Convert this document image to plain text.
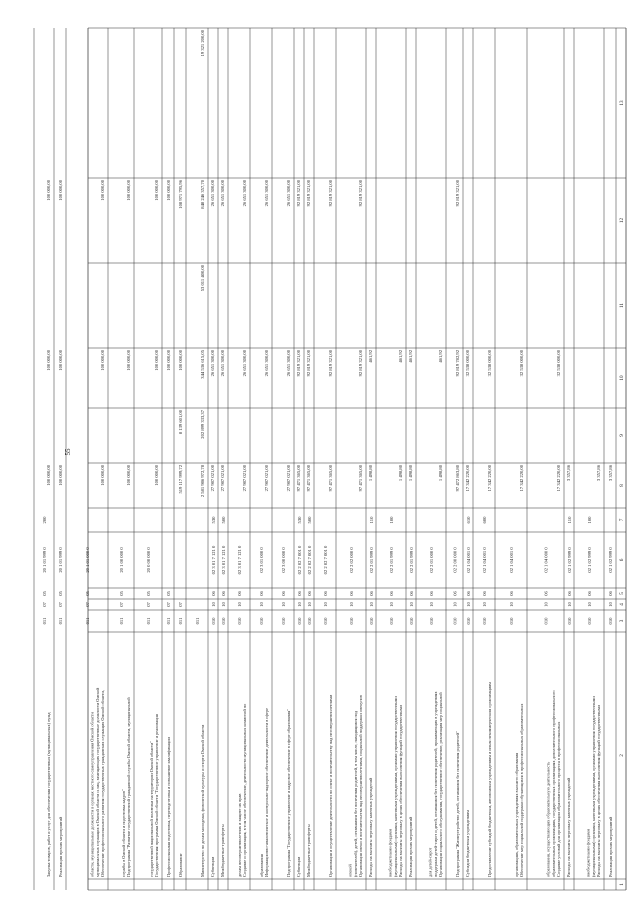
55
1
2
3
4
5
6
7
8
9
10
11
12
13
Реализация прочих мероприятий
010
10
06
02 1 02 999 0
3 357,86
Расходы на выплаты персоналу в целях обеспечения выполнения функций государственными
(муниципальными) органами, казенными учреждениями, органами управления государственными
внебюджетными фондами
010
10
06
02 1 02 999 0
100
3 357,86
Расходы на выплаты персоналу казенных учреждений
010
10
06
02 1 02 999 0
110
3 357,86
Создание условий для организации образовательного процесса в профессиональных
образовательных организациях, государственных организациях дополнительного профессионального
образования, осуществляющих образовательную деятельность
010
10
06
02 1 04 000 0
17 342 220,00
32 538 000,00
Обеспечение мер социальной поддержки обучающихся в профессиональных образовательных
организациях, образовательных учреждениях высшего образования
010
10
06
02 1 04 001 0
17 342 220,00
32 538 000,00
Предоставление субсидий бюджетным, автономным учреждениям и иным некоммерческим организациям
010
10
06
02 1 04 001 0
600
17 342 220,00
32 538 000,00
Субсидии бюджетным учреждениям
010
10
06
02 1 04 001 0
610
17 342 220,00
32 538 000,00
Подпрограмма "Жизнеустройство детей, оставшихся без попечения родителей"
010
10
06
02 2 00 000 0
97 472 863,80
92 819 782,92
92 819 321,00
Организация социального обслуживания, государственное обеспечение, реализация мер социальной
поддержки детей-сирот и детей, оставшихся без попечения родителей, проживающих в учреждениях
для детей-сирот
010
10
06
02 2 01 000 0
1 498,80
461,92
Реализация прочих мероприятий
010
10
06
02 2 01 999 0
1 498,80
461,92
Расходы на выплаты персоналу в целях обеспечения выполнения функций государственными
(муниципальными) органами, казенными учреждениями, органами управления государственными
внебюджетными фондами
010
10
06
02 2 01 999 0
100
1 498,80
461,92
Расходы на выплаты персоналу казенных учреждений
010
10
06
02 2 01 999 0
110
1 498,80
461,92
Организация опеки и попечительства над несовершеннолетними, социальной поддержки опекунов
(попечителей), детей, оставшихся без попечения родителей, в том числе, находящихся под
опекой
010
10
06
02 2 02 000 0
97 471 365,00
92 819 321,00
92 819 321,00
Организация и осуществление деятельности по опеке и попечительству над несовершеннолетними
010
10
06
02 2 02 7 001 0
97 471 365,00
92 819 321,00
92 819 321,00
Межбюджетные трансферты
010
10
06
02 2 02 7 001 0
500
97 471 365,00
92 819 321,00
92 819 321,00
Субвенции
010
10
06
02 2 02 7 001 0
530
97 471 365,00
92 819 321,00
92 819 321,00
Подпрограмма "Государственное управление и кадровое обеспечение в сфере образования"
010
10
06
02 3 00 000 0
27 987 021,00
26 651 300,00
26 651 300,00
Информационно-аналитическое и контрольно-надзорное обеспечение деятельности в сфере
образования
010
10
06
02 3 01 000 0
27 987 021,00
26 651 300,00
26 651 300,00
Создание и организация, в том числе обеспечение, деятельности муниципальных комиссий по
делам несовершеннолетних и защите их прав
010
10
06
02 3 01 7 121 0
27 987 021,00
26 651 300,00
26 651 300,00
Межбюджетные трансферты
010
10
06
02 3 01 7 121 0
500
27 987 021,00
26 651 300,00
26 651 300,00
Субвенции
010
10
06
02 3 01 7 121 0
530
27 987 021,00
26 651 300,00
26 651 300,00
Министерство по делам молодежи, физической культуры и спорта Омской области
011
2 581 986 972,78
202 899 333,37
344 536 615,05
53 011 400,00
848 246 357,70
19 321 200,00
Образование
011
07
519 117 999,72
8 139 601,00
100 000,00
108 971 795,96
Профессиональная подготовка, переподготовка и повышение квалификации
011
07
05
100 000,00
100 000,00
Государственная программа Омской области "Государственное управление и реализация
государственной национальной политики на территории Омской области"
011
07
05
20 0 00 000 0
100 000,00
100 000,00
100 000,00
Подпрограмма "Развитие государственной гражданской службы Омской области, муниципальной
службы в Омской области и подготовка кадров"
011
07
05
20 1 00 000 0
100 000,00
100 000,00
100 000,00
Обеспечение профессионального развития государственных гражданских служащих Омской области,
муниципальных служащих в Омской области и лиц, замещающих государственные должности Омской
области, муниципальные должности в органах местного самоуправления Омской области
011
07
05
20 1 01 000 0
100 000,00
100 000,00
100 000,00
Реализация прочих мероприятий
011
07
05
20 1 01 999 0
100 000,00
100 000,00
100 000,00
Закупка товаров, работ и услуг для обеспечения государственных (муниципальных) нужд
011
07
05
20 1 01 999 0
200
100 000,00
100 000,00
100 000,00
